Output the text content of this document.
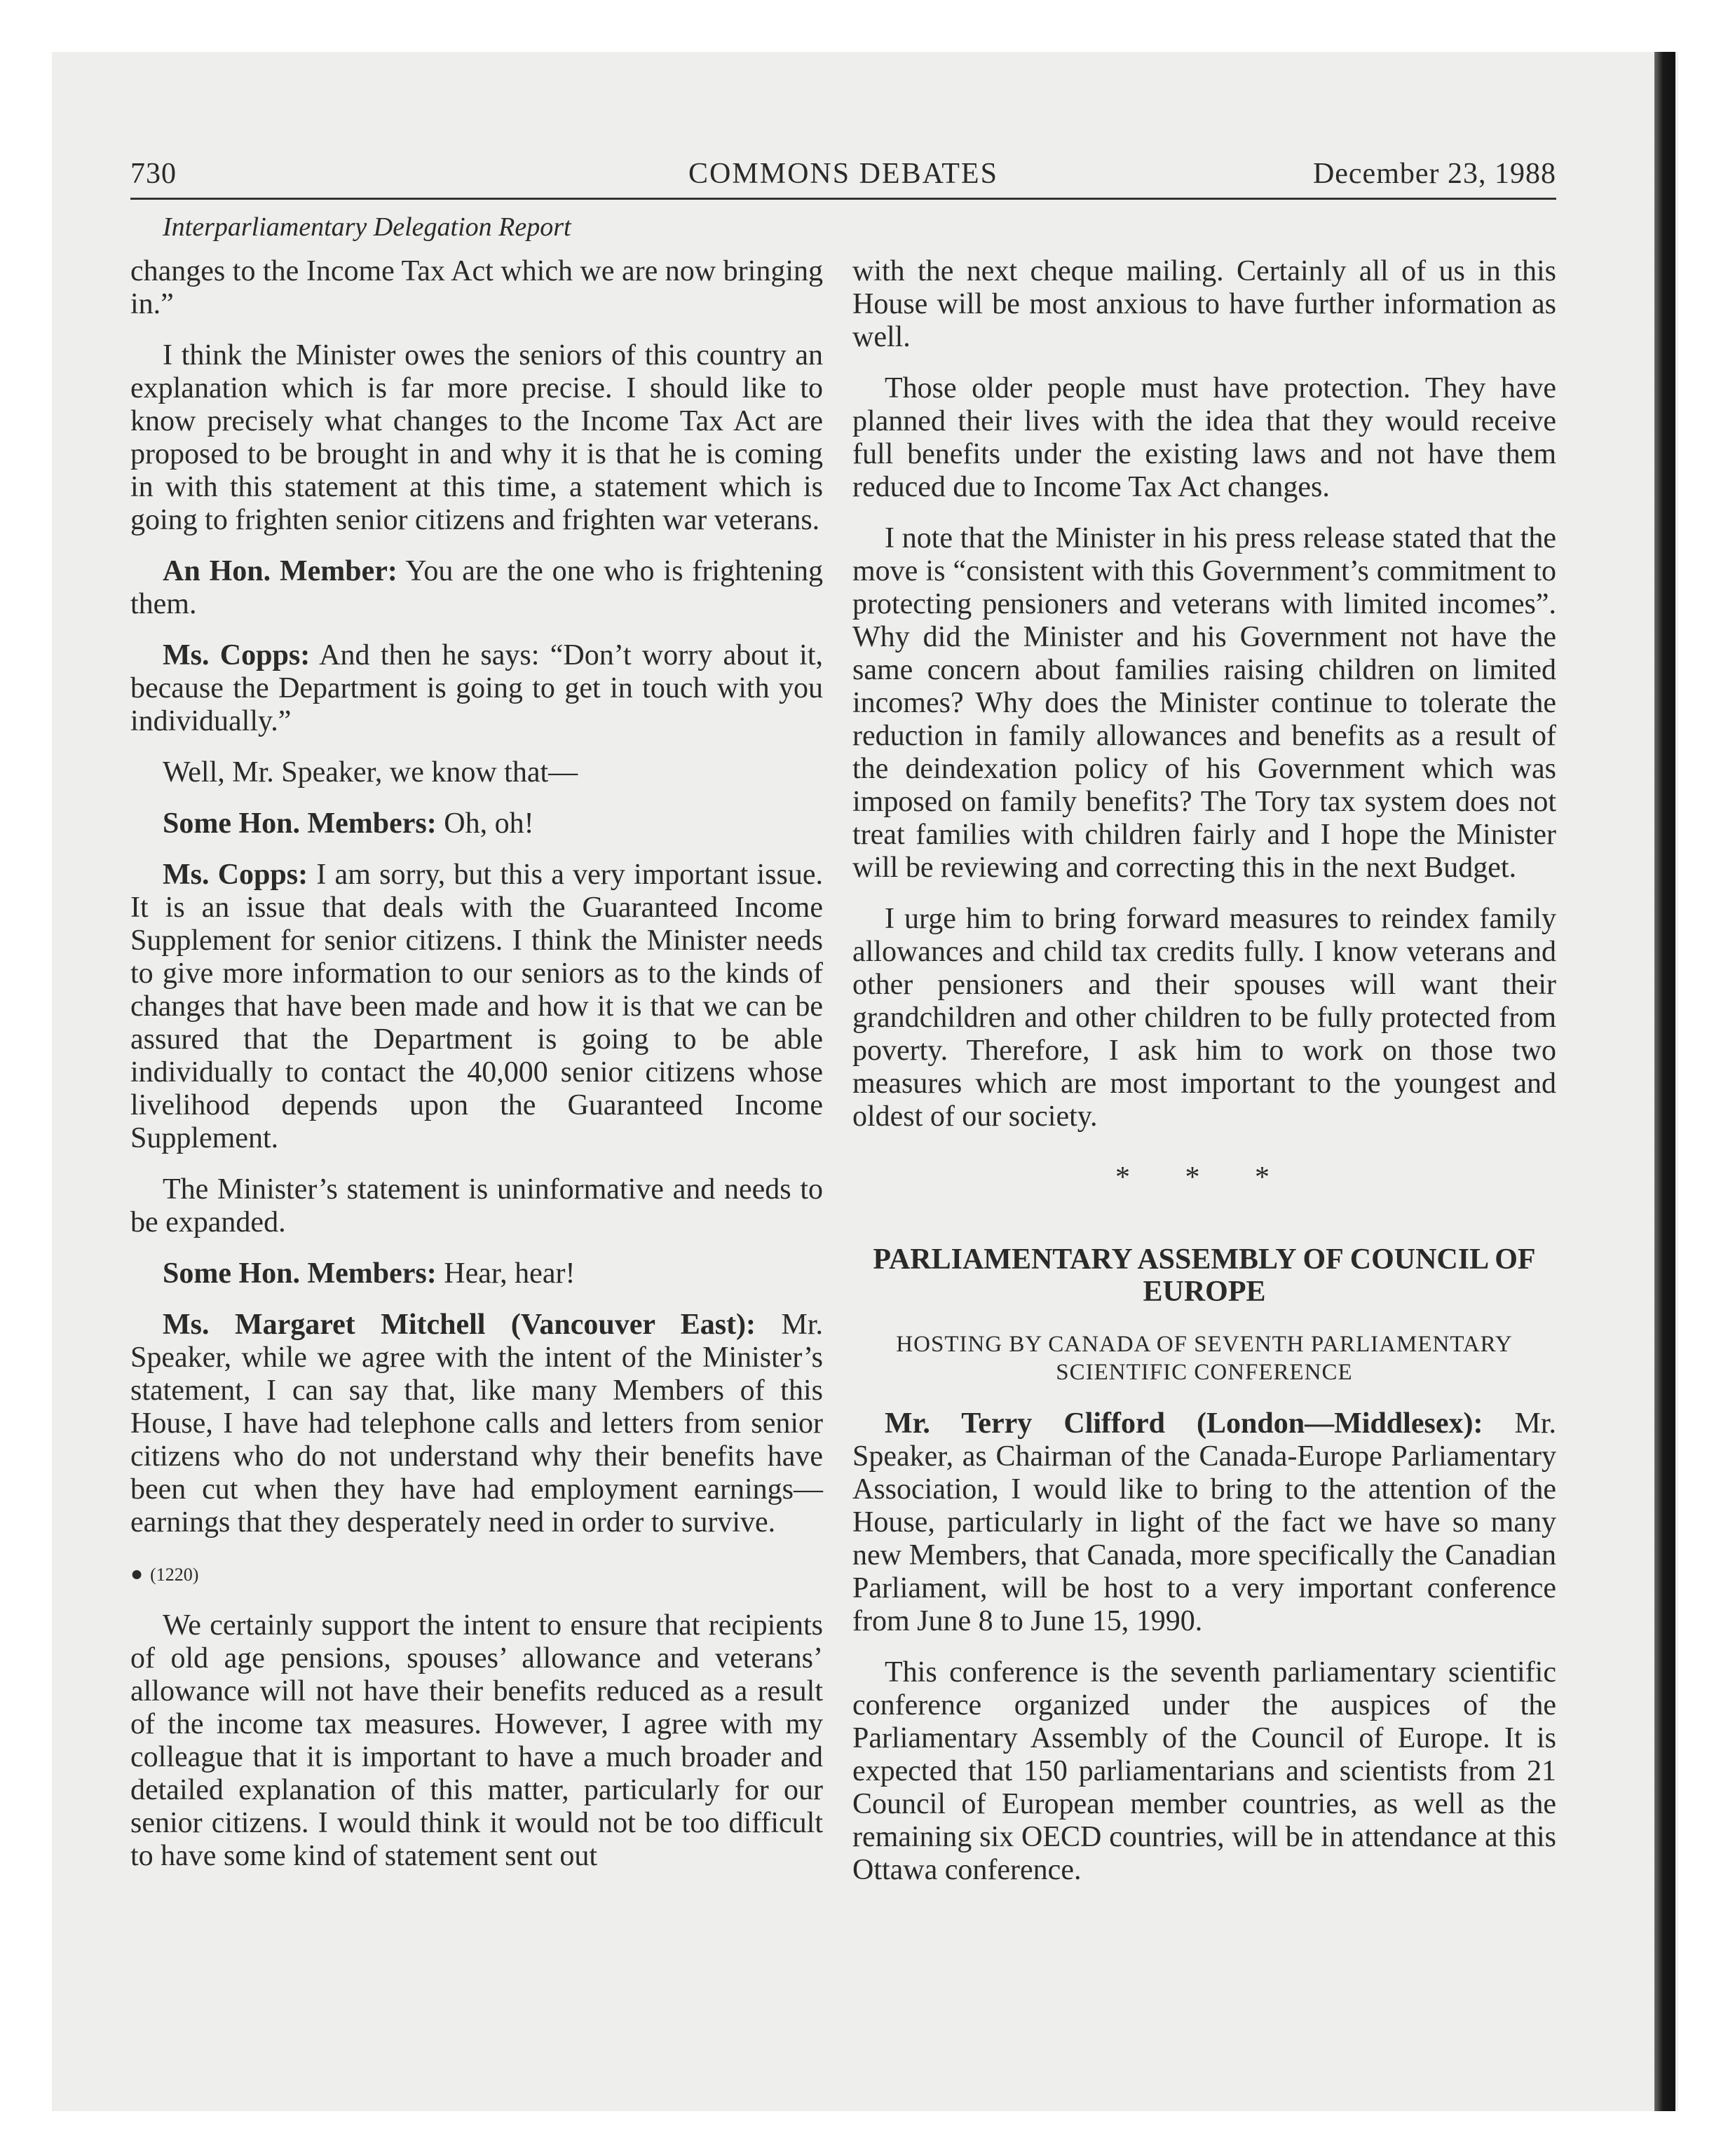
730	COMMONS DEBATES	December 23, 1988
Interparliamentary Delegation Report

changes to the Income Tax Act which we are now bringing in.”

I think the Minister owes the seniors of this country an explanation which is far more precise. I should like to know precisely what changes to the Income Tax Act are proposed to be brought in and why it is that he is coming in with this statement at this time, a statement which is going to frighten senior citizens and frighten war veterans.

An Hon. Member: You are the one who is frightening them.

Ms. Copps: And then he says: “Don’t worry about it, because the Department is going to get in touch with you individually.”

Well, Mr. Speaker, we know that—

Some Hon. Members: Oh, oh!

Ms. Copps: I am sorry, but this a very important issue. It is an issue that deals with the Guaranteed Income Supplement for senior citizens. I think the Minister needs to give more information to our seniors as to the kinds of changes that have been made and how it is that we can be assured that the Department is going to be able individually to contact the 40,000 senior citizens whose livelihood depends upon the Guaranteed Income Supplement.

The Minister’s statement is uninformative and needs to be expanded.

Some Hon. Members: Hear, hear!

Ms. Margaret Mitchell (Vancouver East): Mr. Speaker, while we agree with the intent of the Minister’s statement, I can say that, like many Members of this House, I have had telephone calls and letters from senior citizens who do not understand why their benefits have been cut when they have had employment earnings—earnings that they desperately need in order to survive.

● (1220)

We certainly support the intent to ensure that recipients of old age pensions, spouses’ allowance and veterans’ allowance will not have their benefits reduced as a result of the income tax measures. However, I agree with my colleague that it is important to have a much broader and detailed explanation of this matter, particularly for our senior citizens. I would think it would not be too difficult to have some kind of statement sent out

with the next cheque mailing. Certainly all of us in this House will be most anxious to have further information as well.

Those older people must have protection. They have planned their lives with the idea that they would receive full benefits under the existing laws and not have them reduced due to Income Tax Act changes.

I note that the Minister in his press release stated that the move is “consistent with this Government’s commitment to protecting pensioners and veterans with limited incomes”. Why did the Minister and his Government not have the same concern about families raising children on limited incomes? Why does the Minister continue to tolerate the reduction in family allowances and benefits as a result of the deindexation policy of his Government which was imposed on family benefits? The Tory tax system does not treat families with children fairly and I hope the Minister will be reviewing and correcting this in the next Budget.

I urge him to bring forward measures to reindex family allowances and child tax credits fully. I know veterans and other pensioners and their spouses will want their grandchildren and other children to be fully protected from poverty. Therefore, I ask him to work on those two measures which are most important to the youngest and oldest of our society.

* * *
PARLIAMENTARY ASSEMBLY OF COUNCIL OF EUROPE
HOSTING BY CANADA OF SEVENTH PARLIAMENTARY SCIENTIFIC CONFERENCE

Mr. Terry Clifford (London—Middlesex): Mr. Speaker, as Chairman of the Canada-Europe Parliamentary Association, I would like to bring to the attention of the House, particularly in light of the fact we have so many new Members, that Canada, more specifically the Canadian Parliament, will be host to a very important conference from June 8 to June 15, 1990.

This conference is the seventh parliamentary scientific conference organized under the auspices of the Parliamentary Assembly of the Council of Europe. It is expected that 150 parliamentarians and scientists from 21 Council of European member countries, as well as the remaining six OECD countries, will be in attendance at this Ottawa conference.
